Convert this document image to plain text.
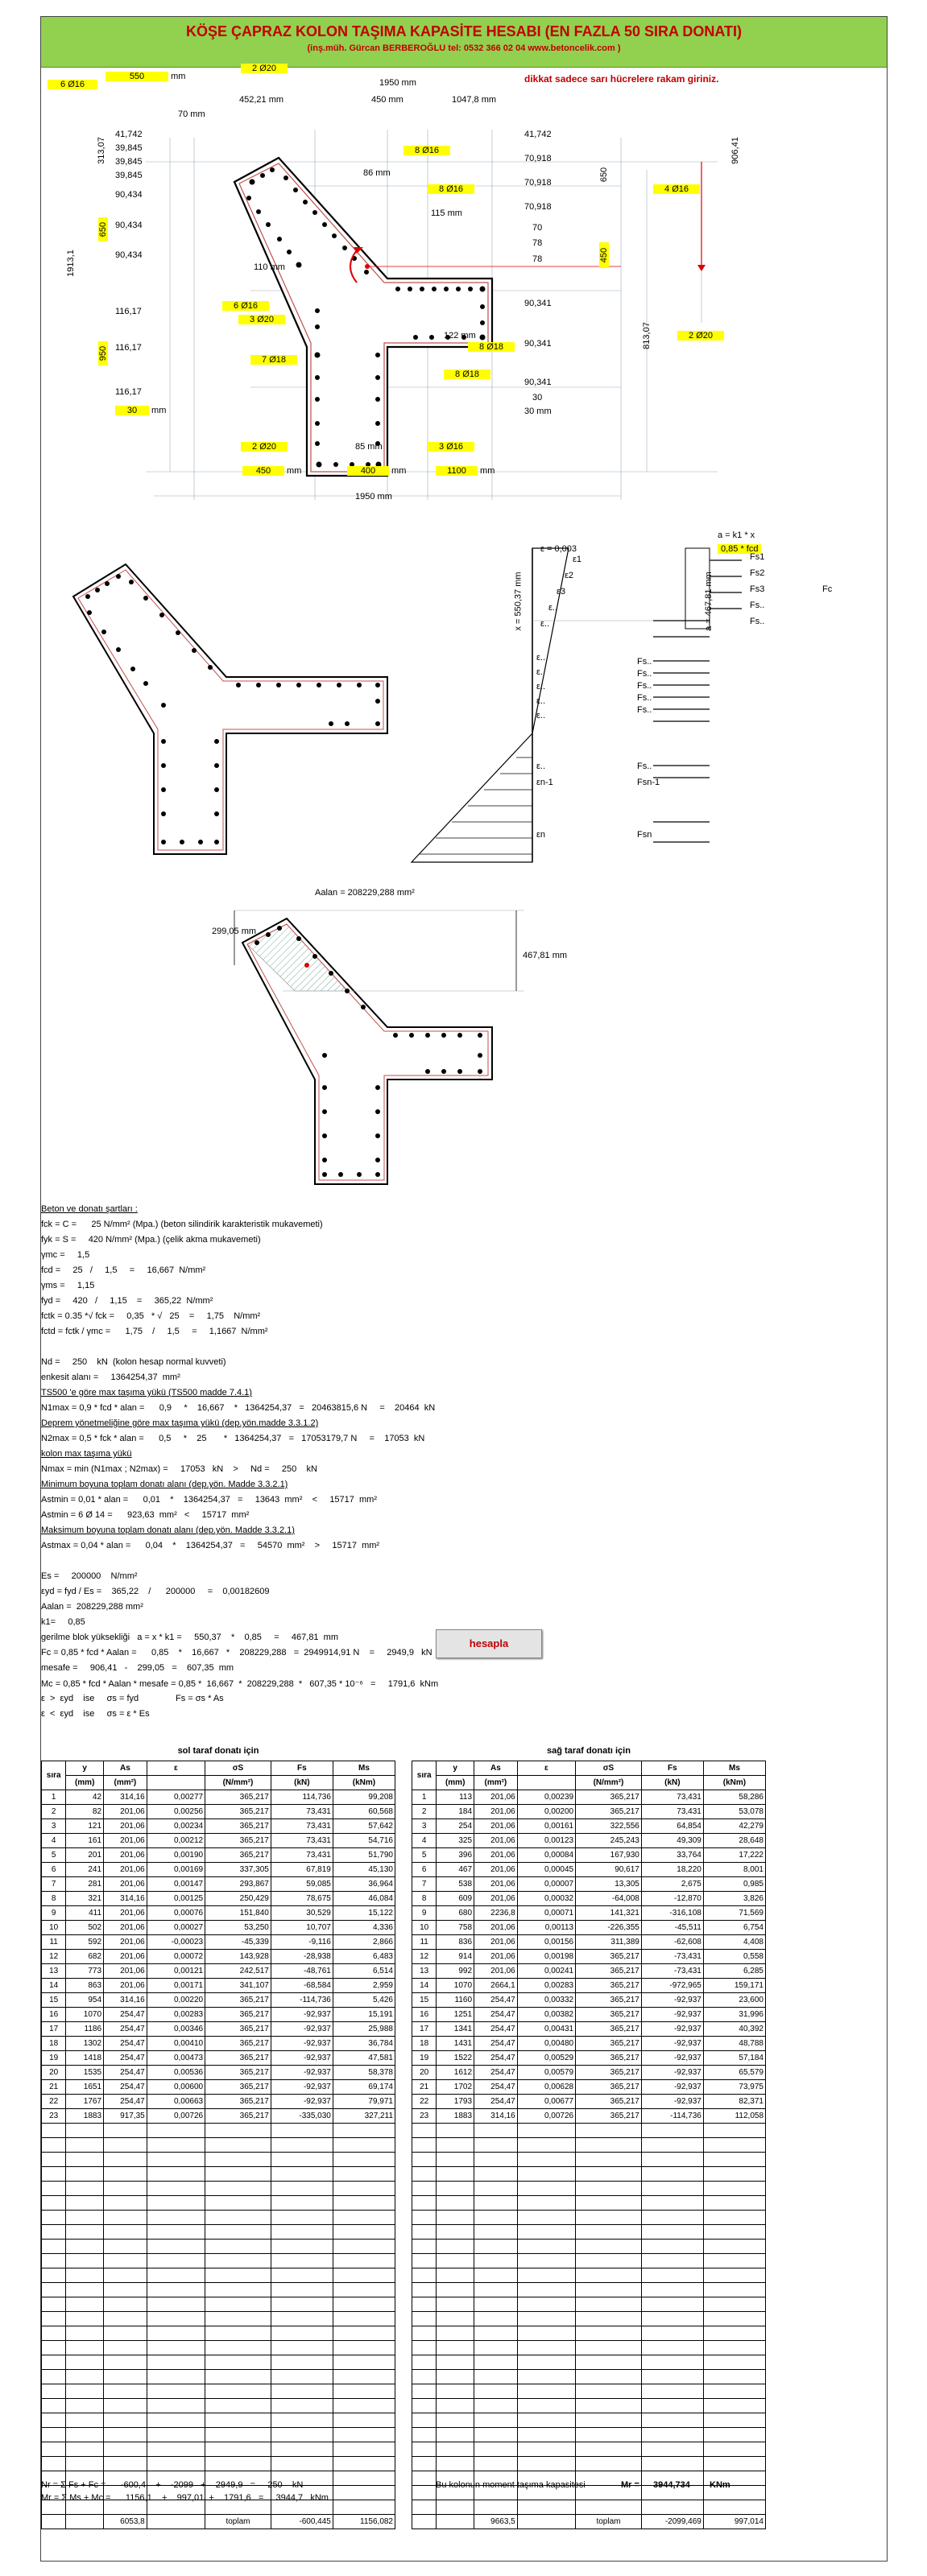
KÖŞE ÇAPRAZ KOLON TAŞIMA KAPASİTE HESABI (EN FAZLA 50 SIRA DONATI)
(inş.müh. Gürcan BERBEROĞLU tel: 0532 366 02 04 www.betoncelik.com )
dikkat sadece sarı hücrelere rakam giriniz.
550	mm
2 Ø20
6 Ø16	1950 mm
452,21 mm	450 mm	1047,8 mm
70 mm
41,742
39,845
39,845
39,845
90,434
90,434
90,434
116,17
116,17
116,17
313,07
650
950
1913,1
41,742
70,918
70,918
70,918
70
78
78
90,341
90,341
90,341
30
650
450
813,07
906,41
8 Ø16
8 Ø16	4 Ø16
86 mm
115 mm
110 mm
122 mm
6 Ø16
3 Ø20
7 Ø18
8 Ø18
8 Ø18
2 Ø20
30 mm	30 mm
2 Ø20	85 mm	3 Ø16
450 mm	400 mm	1100 mm
1950 mm
a = k1 * x
0,85 * fcd
ε = 0,003
x = 550,37 mm
a = 467,81 mm
Fs1
Fs2
Fs3	Fc
Fs..
Fs..
Fs..
Fs..
Fs..
Fs..
Fs..
Fs..
Fsn-1
Fsn
ε1
ε2
ε3
ε..
ε..
ε..
ε..
ε..
ε..
ε..
ε..
εn-1
εn
Aalan = 208229,288 mm²
299,05 mm
467,81 mm
Beton ve donatı şartları :
fck = C =      25 N/mm² (Mpa.) (beton silindirik karakteristik mukavemeti)
fyk = S =     420 N/mm² (Mpa.) (çelik akma mukavemeti)
γmc =     1,5
fcd =     25   /     1,5     =     16,667  N/mm²
γms =     1,15
fyd =     420   /     1,15    =     365,22  N/mm²
fctk = 0.35 *√ fck =     0,35   * √   25    =     1,75    N/mm²
fctd = fctk / γmc =      1,75    /     1,5     =     1,1667  N/mm²
Nd =     250    kN  (kolon hesap normal kuvveti)
enkesit alanı =     1364254,37  mm²
TS500 'e göre max taşıma yükü (TS500 madde 7.4.1)
N1max = 0,9 * fcd * alan =      0,9     *    16,667    *   1364254,37   =   20463815,6 N     =    20464  kN
Deprem yönetmeliğine göre max taşıma yükü (dep.yön.madde 3.3.1.2)
N2max = 0,5 * fck * alan =      0,5     *    25       *   1364254,37   =   17053179,7 N     =    17053  kN
kolon max taşıma yükü
Nmax = min (N1max ; N2max) =     17053   kN    >     Nd =     250    kN
Minimum boyuna toplam donatı alanı (dep.yön. Madde 3.3.2.1)
Astmin = 0,01 * alan =      0,01    *    1364254,37   =     13643  mm²    <     15717  mm²
Astmin = 6 Ø 14 =      923,63  mm²   <     15717  mm²
Maksimum boyuna toplam donatı alanı (dep.yön. Madde 3.3.2.1)
Astmax = 0,04 * alan =      0,04    *    1364254,37   =     54570  mm²    >     15717  mm²
Es =     200000    N/mm²
εyd = fyd / Es =    365,22    /      200000     =    0,00182609
Aalan =  208229,288 mm²
k1=     0,85
gerilme blok yüksekliği   a = x * k1 =     550,37    *    0,85     =     467,81  mm
Fc = 0,85 * fcd * Aalan =      0,85    *    16,667   *    208229,288   =  2949914,91 N    =     2949,9   kN
mesafe =     906,41   -    299,05   =    607,35  mm
Mc = 0,85 * fcd * Aalan * mesafe = 0,85 *  16,667  *  208229,288  *   607,35 * 10⁻⁶   =     1791,6  kNm
ε  >  εyd    ise     σs = fyd               Fs = σs * As
ε  <  εyd    ise     σs = ε * Es
hesapla
sol taraf donatı için	sağ taraf donatı için
sıra	y	As	ε	σS	Fs	Ms
	(mm)	(mm²)		(N/mm²)	(kN)	(kNm)
1	42	314,16	0,00277	365,217	114,736	99,208
2	82	201,06	0,00256	365,217	73,431	60,568
3	121	201,06	0,00234	365,217	73,431	57,642
4	161	201,06	0,00212	365,217	73,431	54,716
5	201	201,06	0,00190	365,217	73,431	51,790
6	241	201,06	0,00169	337,305	67,819	45,130
7	281	201,06	0,00147	293,867	59,085	36,964
8	321	314,16	0,00125	250,429	78,675	46,084
9	411	201,06	0,00076	151,840	30,529	15,122
10	502	201,06	0,00027	53,250	10,707	4,336
11	592	201,06	-0,00023	-45,339	-9,116	2,866
12	682	201,06	0,00072	143,928	-28,938	6,483
13	773	201,06	0,00121	242,517	-48,761	6,514
14	863	201,06	0,00171	341,107	-68,584	2,959
15	954	314,16	0,00220	365,217	-114,736	5,426
16	1070	254,47	0,00283	365,217	-92,937	15,191
17	1186	254,47	0,00346	365,217	-92,937	25,988
18	1302	254,47	0,00410	365,217	-92,937	36,784
19	1418	254,47	0,00473	365,217	-92,937	47,581
20	1535	254,47	0,00536	365,217	-92,937	58,378
21	1651	254,47	0,00600	365,217	-92,937	69,174
22	1767	254,47	0,00663	365,217	-92,937	79,971
23	1883	917,35	0,00726	365,217	-335,030	327,211

		6053,8		toplam	-600,445	1156,082
sıra	y	As	ε	σS	Fs	Ms
	(mm)	(mm²)		(N/mm²)	(kN)	(kNm)
1	113	201,06	0,00239	365,217	73,431	58,286
2	184	201,06	0,00200	365,217	73,431	53,078
3	254	201,06	0,00161	322,556	64,854	42,279
4	325	201,06	0,00123	245,243	49,309	28,648
5	396	201,06	0,00084	167,930	33,764	17,222
6	467	201,06	0,00045	90,617	18,220	8,001
7	538	201,06	0,00007	13,305	2,675	0,985
8	609	201,06	0,00032	-64,008	-12,870	3,826
9	680	2236,8	0,00071	141,321	-316,108	71,569
10	758	201,06	0,00113	-226,355	-45,511	6,754
11	836	201,06	0,00156	311,389	-62,608	4,408
12	914	201,06	0,00198	365,217	-73,431	0,558
13	992	201,06	0,00241	365,217	-73,431	6,285
14	1070	2664,1	0,00283	365,217	-972,965	159,171
15	1160	254,47	0,00332	365,217	-92,937	23,600
16	1251	254,47	0,00382	365,217	-92,937	31,996
17	1341	254,47	0,00431	365,217	-92,937	40,392
18	1431	254,47	0,00480	365,217	-92,937	48,788
19	1522	254,47	0,00529	365,217	-92,937	57,184
20	1612	254,47	0,00579	365,217	-92,937	65,579
21	1702	254,47	0,00628	365,217	-92,937	73,975
22	1793	254,47	0,00677	365,217	-92,937	82,371
23	1883	314,16	0,00726	365,217	-114,736	112,058

		9663,5		toplam	-2099,469	997,014
Nr = Σ Fs + Fc =      -600,4    +    -2099   +    2949,9   =     250    kN
Mr = Σ Ms + Mc =      1156,1    +    997,01  +    1791,6   =     3944,7   kNm
Bu kolonun moment taşıma kapasitesi	Mr = 3944,734 KNm
